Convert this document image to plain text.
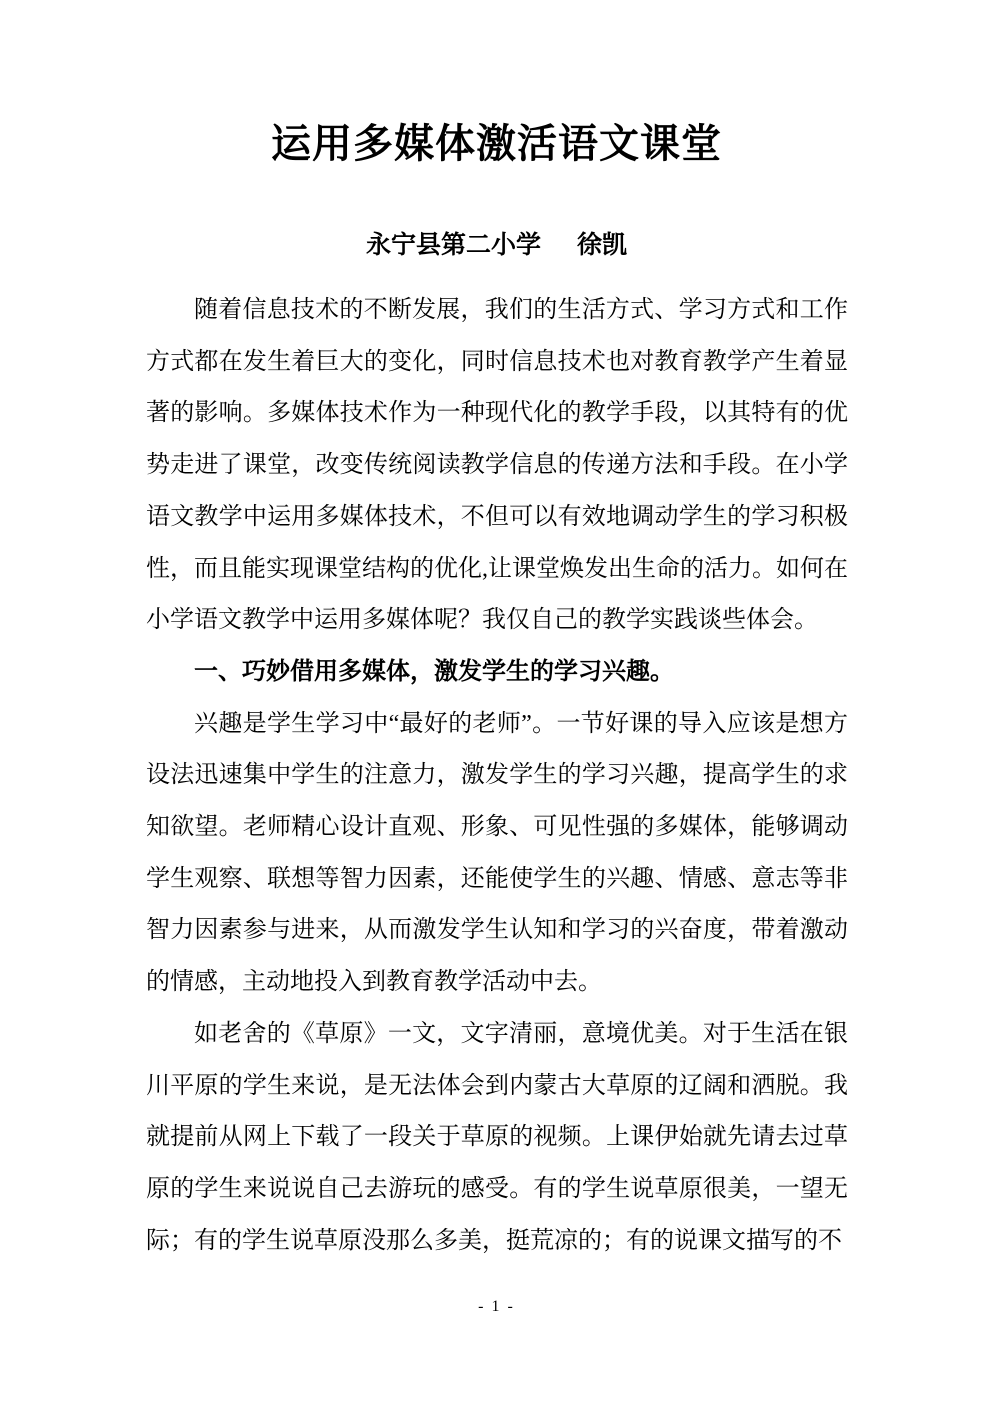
运用多媒体激活语文课堂
永宁县第二小学 徐凯

随着信息技术的不断发展，我们的生活方式、学习方式和工作方式都在发生着巨大的变化，同时信息技术也对教育教学产生着显著的影响。多媒体技术作为一种现代化的教学手段，以其特有的优势走进了课堂，改变传统阅读教学信息的传递方法和手段。在小学语文教学中运用多媒体技术，不但可以有效地调动学生的学习积极性，而且能实现课堂结构的优化,让课堂焕发出生命的活力。如何在小学语文教学中运用多媒体呢？我仅自己的教学实践谈些体会。

一、巧妙借用多媒体，激发学生的学习兴趣。

兴趣是学生学习中“最好的老师”。一节好课的导入应该是想方设法迅速集中学生的注意力，激发学生的学习兴趣，提高学生的求知欲望。老师精心设计直观、形象、可见性强的多媒体，能够调动学生观察、联想等智力因素，还能使学生的兴趣、情感、意志等非智力因素参与进来，从而激发学生认知和学习的兴奋度，带着激动的情感，主动地投入到教育教学活动中去。

如老舍的《草原》一文，文字清丽，意境优美。对于生活在银川平原的学生来说，是无法体会到内蒙古大草原的辽阔和洒脱。我就提前从网上下载了一段关于草原的视频。上课伊始就先请去过草原的学生来说说自己去游玩的感受。有的学生说草原很美，一望无际；有的学生说草原没那么多美，挺荒凉的；有的说课文描写的不

- 1 -
